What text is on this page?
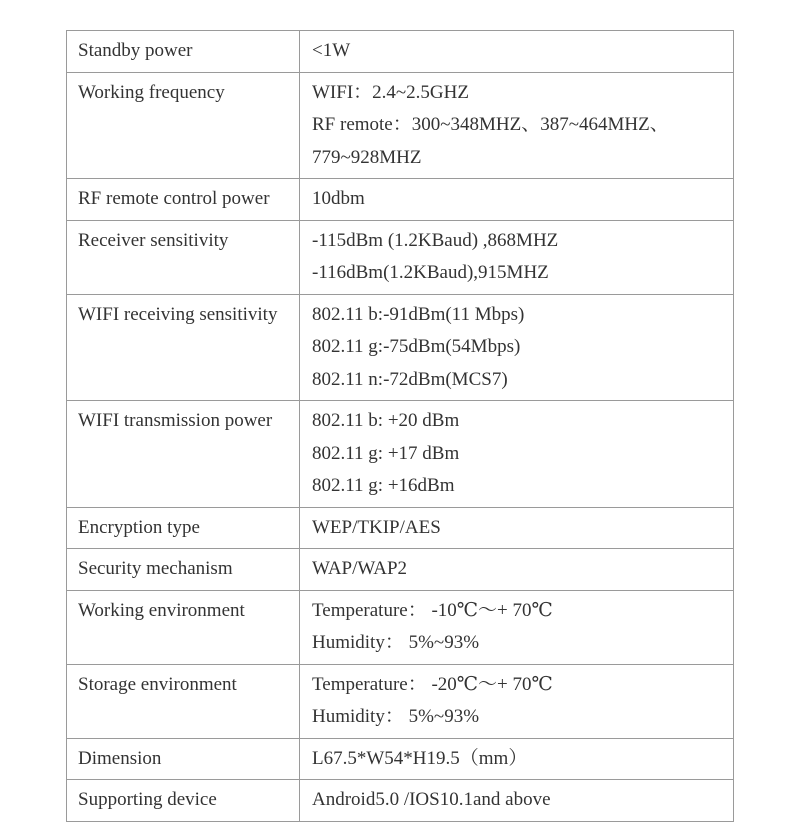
Standby power	<1W

Working frequency	WIFI：2.4~2.5GHZ
RF remote：300~348MHZ、387~464MHZ、
779~928MHZ

RF remote control power	10dbm

Receiver sensitivity	-115dBm (1.2KBaud) ,868MHZ
-116dBm(1.2KBaud),915MHZ

WIFI receiving sensitivity	802.11 b:-91dBm(11 Mbps)
802.11 g:-75dBm(54Mbps)
802.11 n:-72dBm(MCS7)

WIFI transmission power	802.11 b: +20 dBm
802.11 g: +17 dBm
802.11 g: +16dBm

Encryption type	WEP/TKIP/AES

Security mechanism	WAP/WAP2

Working environment	Temperature： -10℃～+ 70℃
Humidity： 5%~93%

Storage environment	Temperature： -20℃～+ 70℃
Humidity： 5%~93%

Dimension	L67.5*W54*H19.5（mm）

Supporting device	Android5.0 /IOS10.1and above
